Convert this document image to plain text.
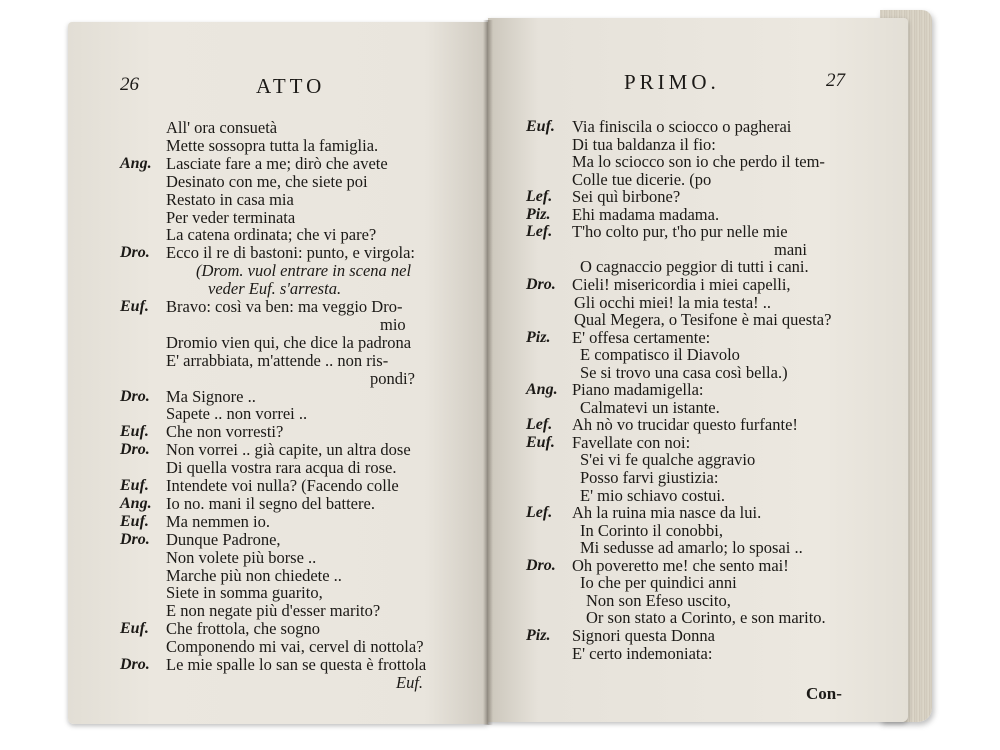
26	ATTO
All' ora consuetà
Mette sossopra tutta la famiglia.
Ang. Lasciate fare a me; dirò che avete
Desinato con me, che siete poi
Restato in casa mia
Per veder terminata
La catena ordinata; che vi pare?
Dro. Ecco il re di bastoni: punto, e virgola:
(Drom. vuol entrare in scena nel
veder Euf. s'arresta.
Euf. Bravo: così va ben: ma veggio Dro-
mio
Dromio vien qui, che dice la padrona
E' arrabbiata, m'attende .. non ris-
pondi?
Dro. Ma Signore ..
Sapete .. non vorrei ..
Euf. Che non vorresti?
Dro. Non vorrei .. già capite, un altra dose
Di quella vostra rara acqua di rose.
Euf. Intendete voi nulla? (Facendo colle
Ang. Io no. mani il segno del battere.
Euf. Ma nemmen io.
Dro. Dunque Padrone,
Non volete più borse ..
Marche più non chiedete ..
Siete in somma guarito,
E non negate più d'esser marito?
Euf. Che frottola, che sogno
Componendo mi vai, cervel di nottola?
Dro. Le mie spalle lo san se questa è frottola
Euf.
PRIMO.	27
Euf. Via finiscila o sciocco o pagherai
Di tua baldanza il fio:
Ma lo sciocco son io che perdo il tem-
Colle tue dicerie. (po
Lef. Sei quì birbone?
Piz. Ehi madama madama.
Lef. T'ho colto pur, t'ho pur nelle mie
mani
O cagnaccio peggior di tutti i cani.
Dro. Cieli! misericordia i miei capelli,
Gli occhi miei! la mia testa! ..
Qual Megera, o Tesifone è mai questa?
Piz. E' offesa certamente:
E compatisco il Diavolo
Se si trovo una casa così bella.)
Ang. Piano madamigella:
Calmatevi un istante.
Lef. Ah nò vo trucidar questo furfante!
Euf. Favellate con noi:
S'ei vi fe qualche aggravio
Posso farvi giustizia:
E' mio schiavo costui.
Lef. Ah la ruina mia nasce da lui.
In Corinto il conobbi,
Mi sedusse ad amarlo; lo sposai ..
Dro. Oh poveretto me! che sento mai!
Io che per quindici anni
Non son Efeso uscito,
Or son stato a Corinto, e son marito.
Piz. Signori questa Donna
E' certo indemoniata:
Con-
